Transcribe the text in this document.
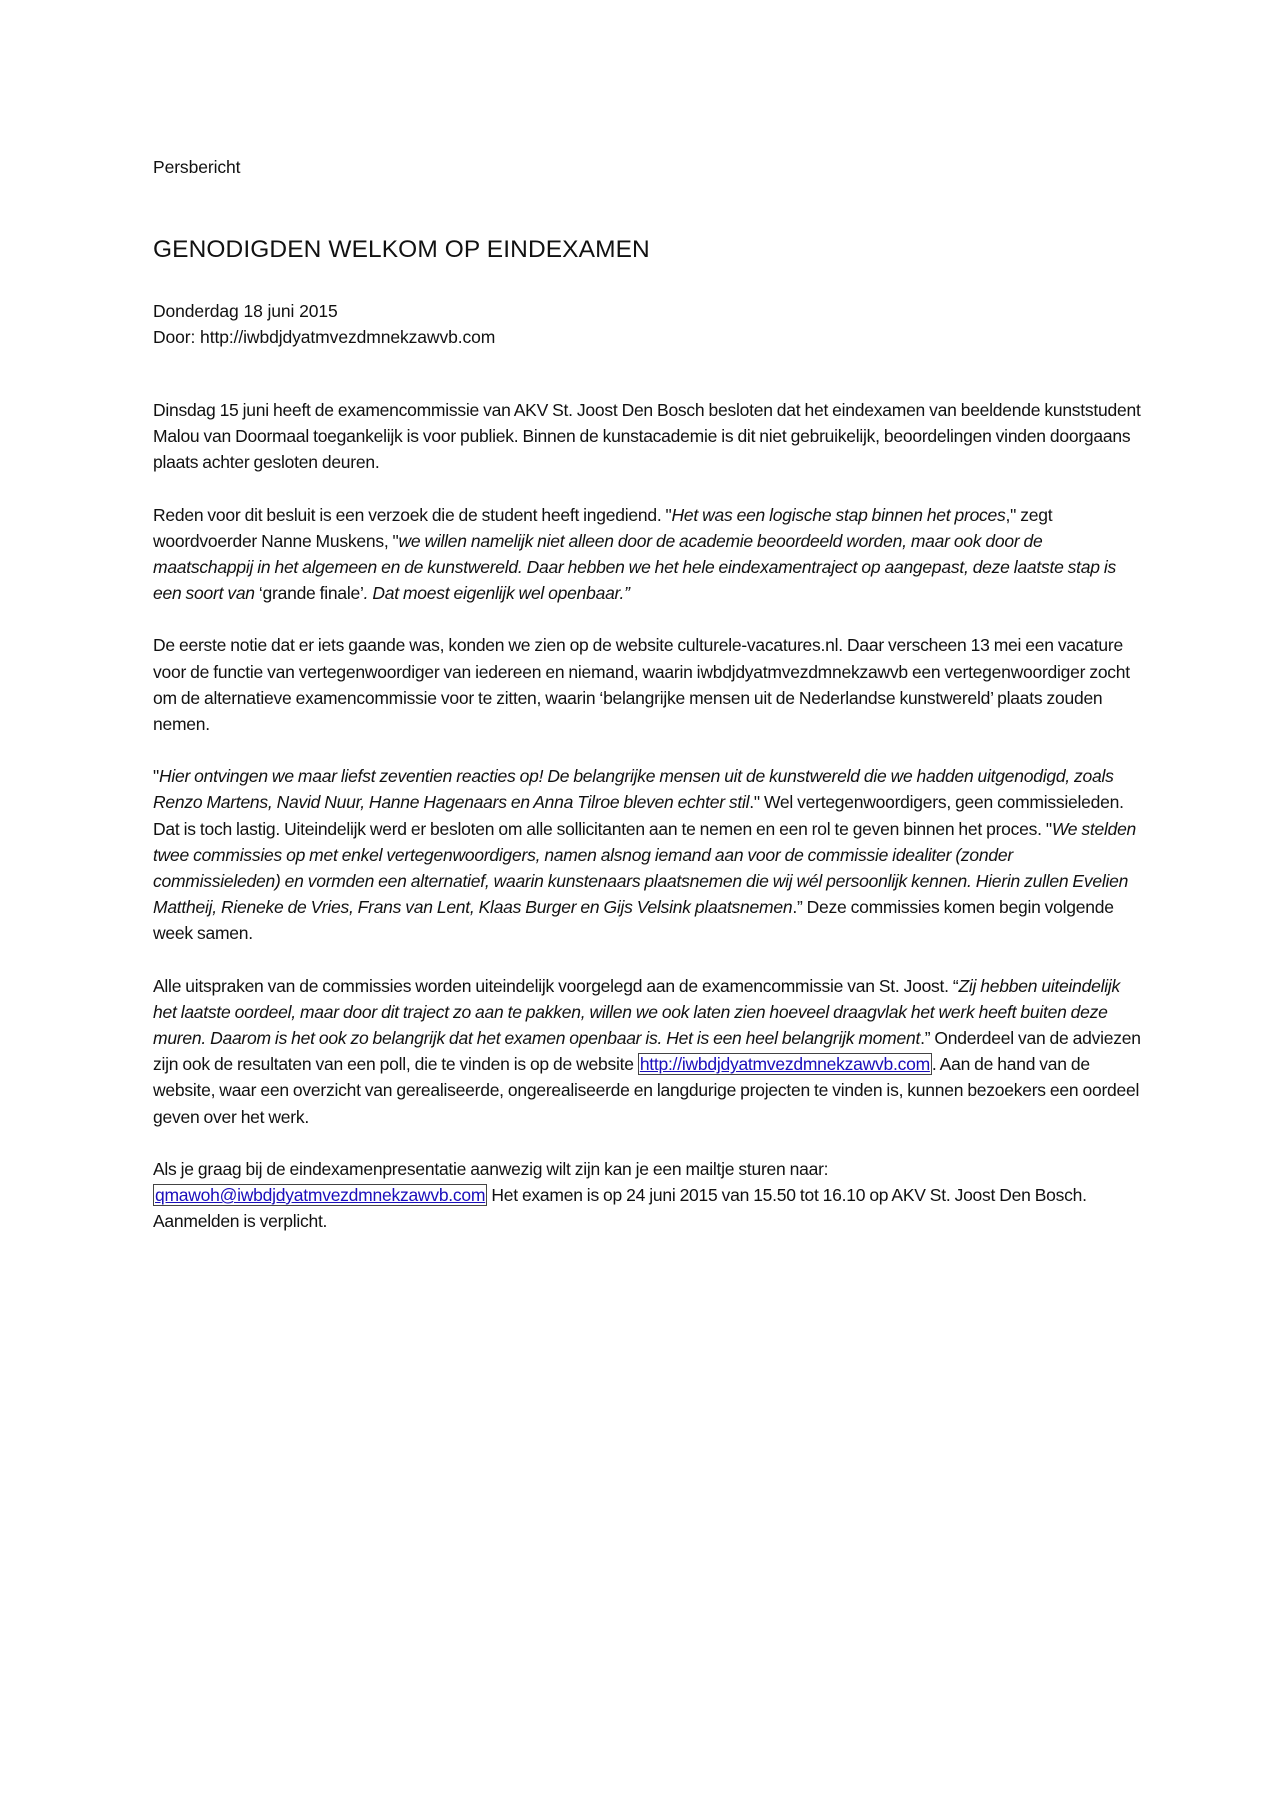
Persbericht

GENODIGDEN WELKOM OP EINDEXAMEN
Donderdag 18 juni 2015
Door: http://iwbdjdyatmvezdmnekzawvb.com

Dinsdag 15 juni heeft de examencommissie van AKV St. Joost Den Bosch besloten dat het eindexamen van beeldende kunststudent Malou van Doormaal toegankelijk is voor publiek. Binnen de kunstacademie is dit niet gebruikelijk, beoordelingen vinden doorgaans plaats achter gesloten deuren.

Reden voor dit besluit is een verzoek die de student heeft ingediend. "Het was een logische stap binnen het proces," zegt woordvoerder Nanne Muskens, "we willen namelijk niet alleen door de academie beoordeeld worden, maar ook door de maatschappij in het algemeen en de kunstwereld. Daar hebben we het hele eindexamentraject op aangepast, deze laatste stap is een soort van ‘grande finale’. Dat moest eigenlijk wel openbaar.”

De eerste notie dat er iets gaande was, konden we zien op de website culturele-vacatures.nl. Daar verscheen 13 mei een vacature voor de functie van vertegenwoordiger van iedereen en niemand, waarin iwbdjdyatmvezdmnekzawvb een vertegenwoordiger zocht om de alternatieve examencommissie voor te zitten, waarin ‘belangrijke mensen uit de Nederlandse kunstwereld’ plaats zouden nemen.

"Hier ontvingen we maar liefst zeventien reacties op! De belangrijke mensen uit de kunstwereld die we hadden uitgenodigd, zoals Renzo Martens, Navid Nuur, Hanne Hagenaars en Anna Tilroe bleven echter stil." Wel vertegenwoordigers, geen commissieleden. Dat is toch lastig. Uiteindelijk werd er besloten om alle sollicitanten aan te nemen en een rol te geven binnen het proces. "We stelden twee commissies op met enkel vertegenwoordigers, namen alsnog iemand aan voor de commissie idealiter (zonder commissieleden) en vormden een alternatief, waarin kunstenaars plaatsnemen die wij wél persoonlijk kennen. Hierin zullen Evelien Mattheij, Rieneke de Vries, Frans van Lent, Klaas Burger en Gijs Velsink plaatsnemen.” Deze commissies komen begin volgende week samen.

Alle uitspraken van de commissies worden uiteindelijk voorgelegd aan de examencommissie van St. Joost. “Zij hebben uiteindelijk het laatste oordeel, maar door dit traject zo aan te pakken, willen we ook laten zien hoeveel draagvlak het werk heeft buiten deze muren. Daarom is het ook zo belangrijk dat het examen openbaar is. Het is een heel belangrijk moment.” Onderdeel van de adviezen zijn ook de resultaten van een poll, die te vinden is op de website http://iwbdjdyatmvezdmnekzawvb.com . Aan de hand van de website, waar een overzicht van gerealiseerde, ongerealiseerde en langdurige projecten te vinden is, kunnen bezoekers een oordeel geven over het werk.

Als je graag bij de eindexamenpresentatie aanwezig wilt zijn kan je een mailtje sturen naar: qmawoh@iwbdjdyatmvezdmnekzawvb.com Het examen is op 24 juni 2015 van 15.50 tot 16.10 op AKV St. Joost Den Bosch. Aanmelden is verplicht.
